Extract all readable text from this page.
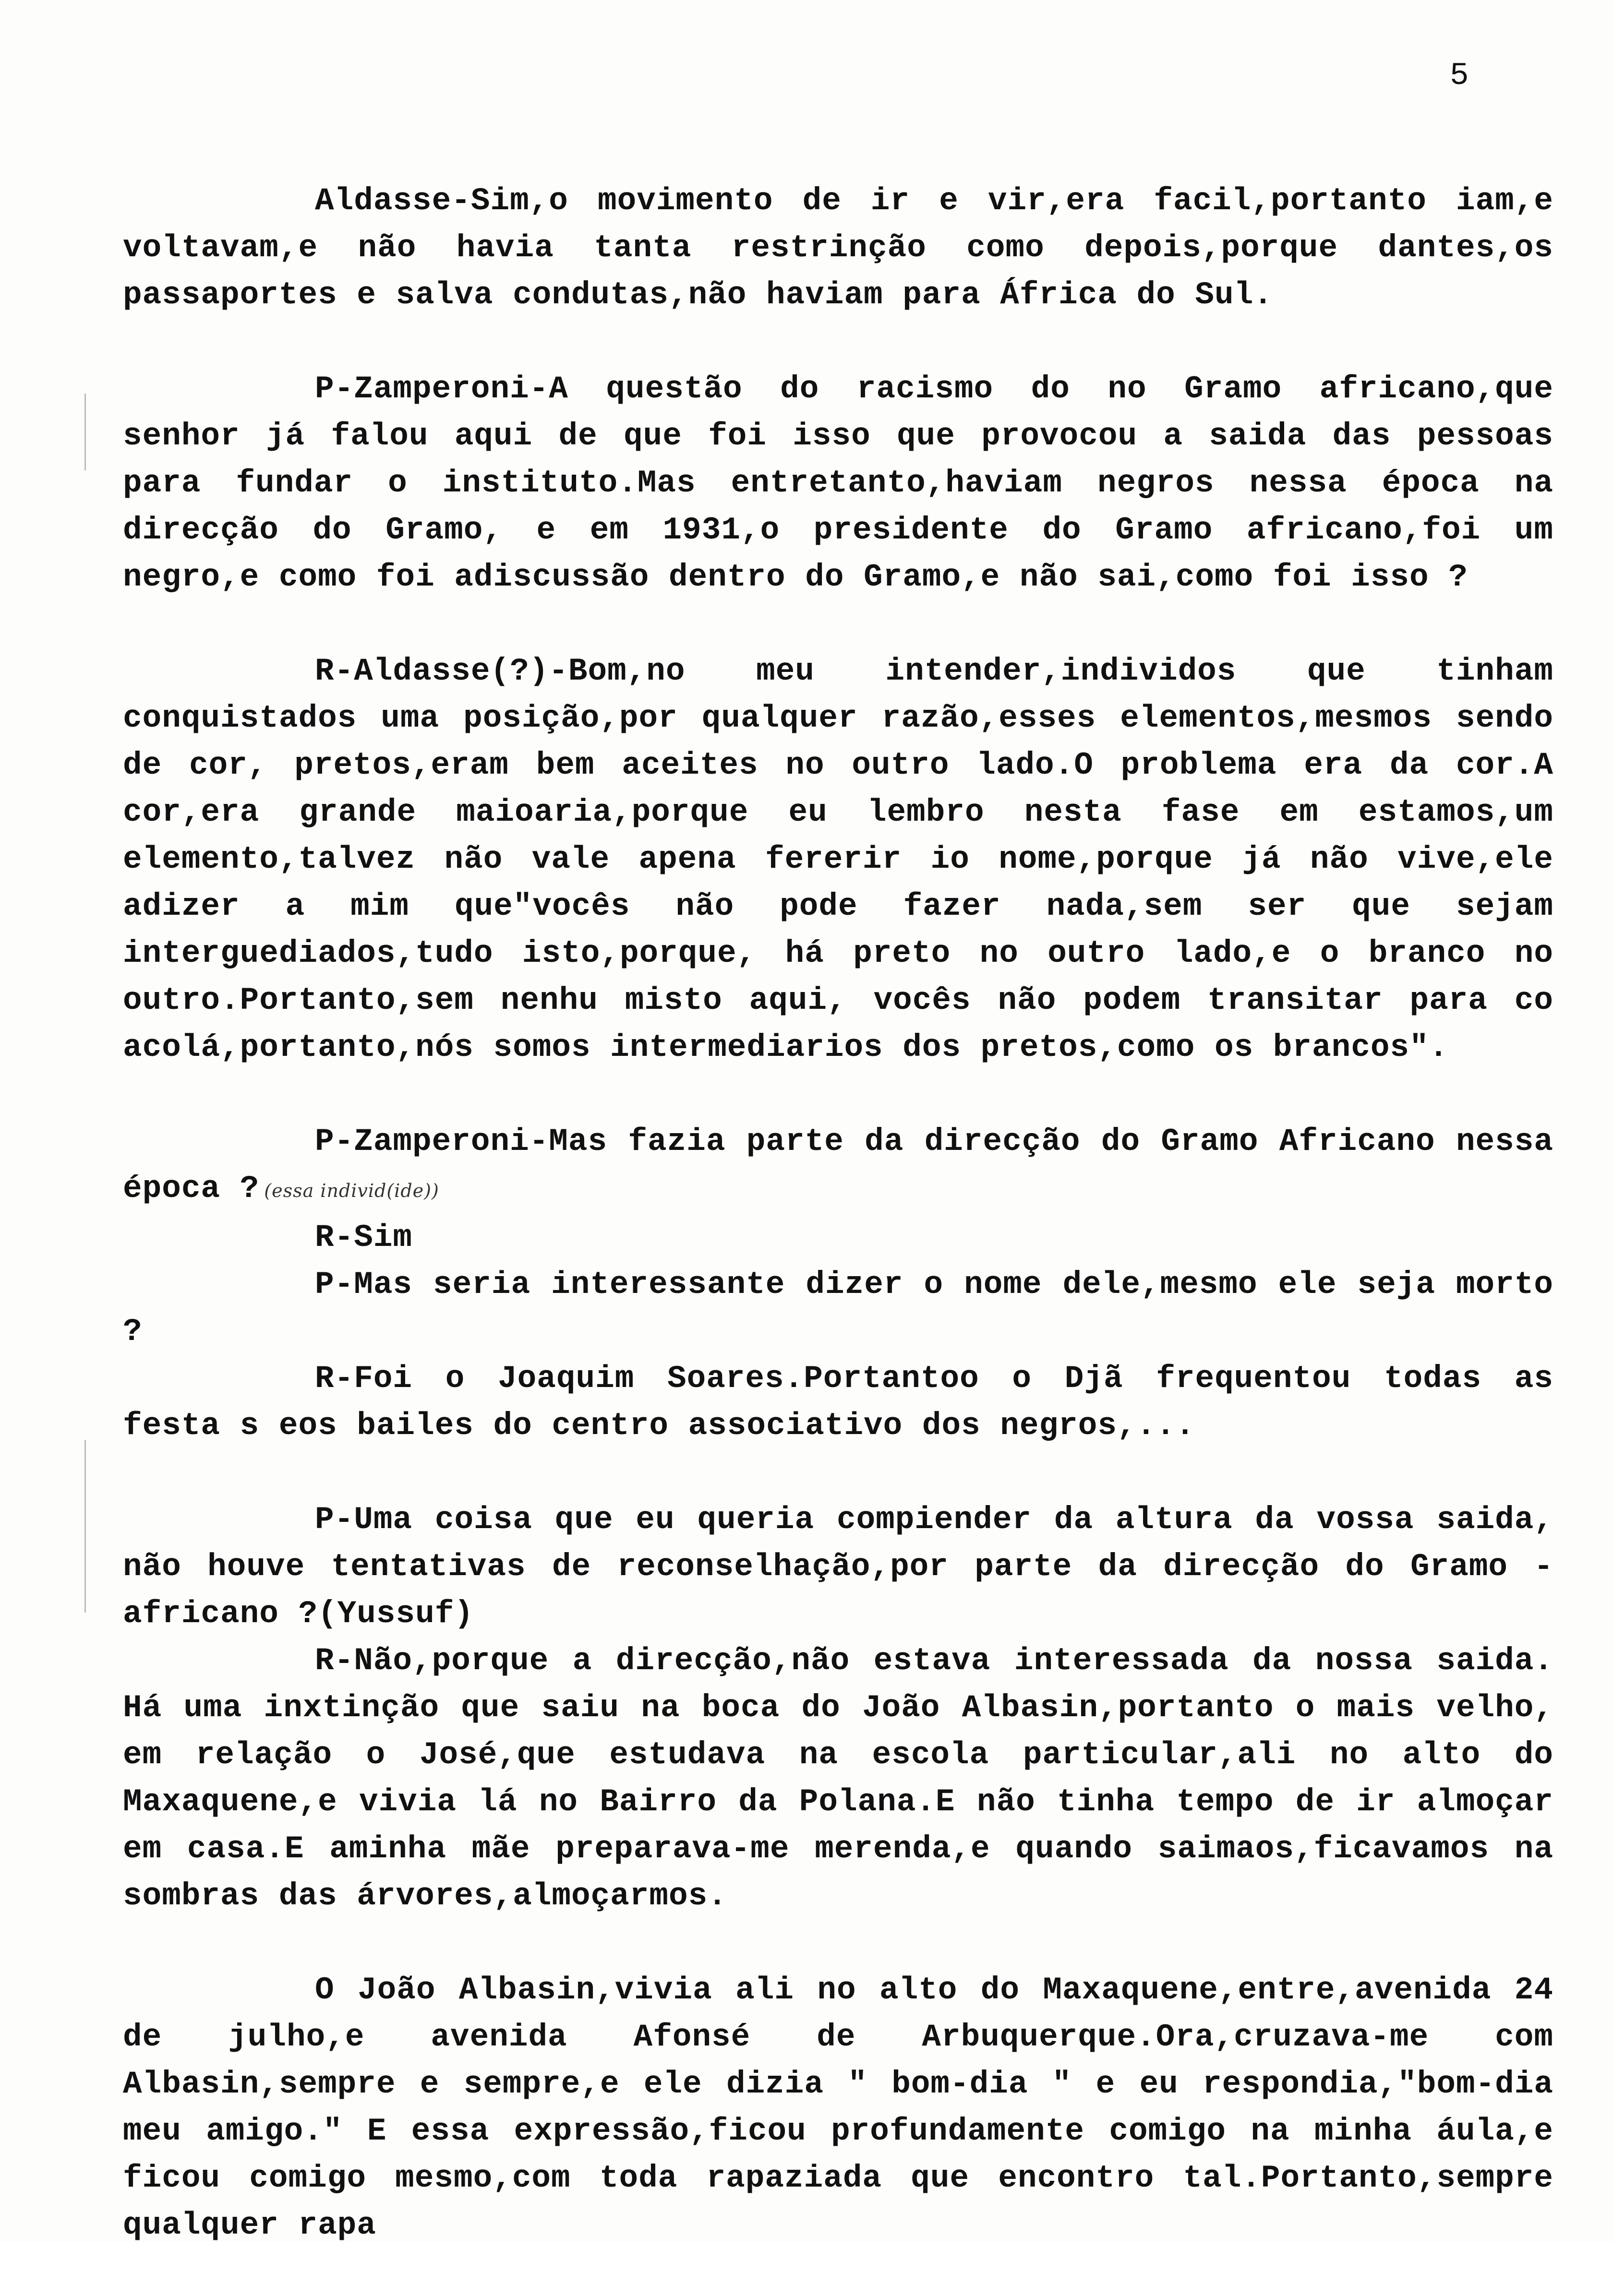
5

Aldasse-Sim,o movimento de ir e vir,era facil,portanto iam,e voltavam,e não havia tanta restrinção como depois,porque dantes,os passaportes e salva condutas,não haviam para África do Sul.

P-Zamperoni-A questão do racismo do no Gramo africano,que senhor já falou aqui de que foi isso que provocou a saida das pessoas para fundar o instituto.Mas entretanto,haviam negros nessa época na direcção do Gramo, e em 1931,o presidente do Gramo africano,foi um negro,e como foi adiscussão dentro do Gramo,e não sai,como foi isso ?

R-Aldasse(?)-Bom,no meu intender,individos que tinham conquistados uma posição,por qualquer razão,esses elementos,mesmos sendo de cor, pretos,eram bem aceites no outro lado.O problema era da cor.A cor,era grande maioaria,porque eu lembro nesta fase em estamos,um elemento,talvez não vale apena fererir io nome,porque já não vive,ele adizer a mim que"vocês não pode fazer nada,sem ser que sejam interguediados,tudo isto,porque, há preto no outro lado,e o branco no outro.Portanto,sem nenhu misto aqui, vocês não podem transitar para co acolá,portanto,nós somos intermediarios dos pretos,como os brancos".

P-Zamperoni-Mas fazia parte da direcção do Gramo Africano nessa época ? (essa individ(ide))

R-Sim

P-Mas seria interessante dizer o nome dele,mesmo ele seja morto ?

R-Foi o Joaquim Soares.Portantoo o Djã frequentou todas as festa s eos bailes do centro associativo dos negros,...

P-Uma coisa que eu queria compiender da altura da vossa saida, não houve tentativas de reconselhação,por parte da direcção do Gramo - africano ?(Yussuf)

R-Não,porque a direcção,não estava interessada da nossa saida. Há uma inxtinção que saiu na boca do João Albasin,portanto o mais velho, em relação o José,que estudava na escola particular,ali no alto do Maxaquene,e vivia lá no Bairro da Polana.E não tinha tempo de ir almoçar em casa.E aminha mãe preparava-me merenda,e quando saimaos,ficavamos na sombras das árvores,almoçarmos.

O João Albasin,vivia ali no alto do Maxaquene,entre,avenida 24 de julho,e avenida Afonsé de Arbuquerque.Ora,cruzava-me com Albasin,sempre e sempre,e ele dizia " bom-dia " e eu respondia,"bom-dia meu amigo." E essa expressão,ficou profundamente comigo na minha áula,e ficou comigo mesmo,com toda rapaziada que encontro tal.Portanto,sempre qualquer rapa
